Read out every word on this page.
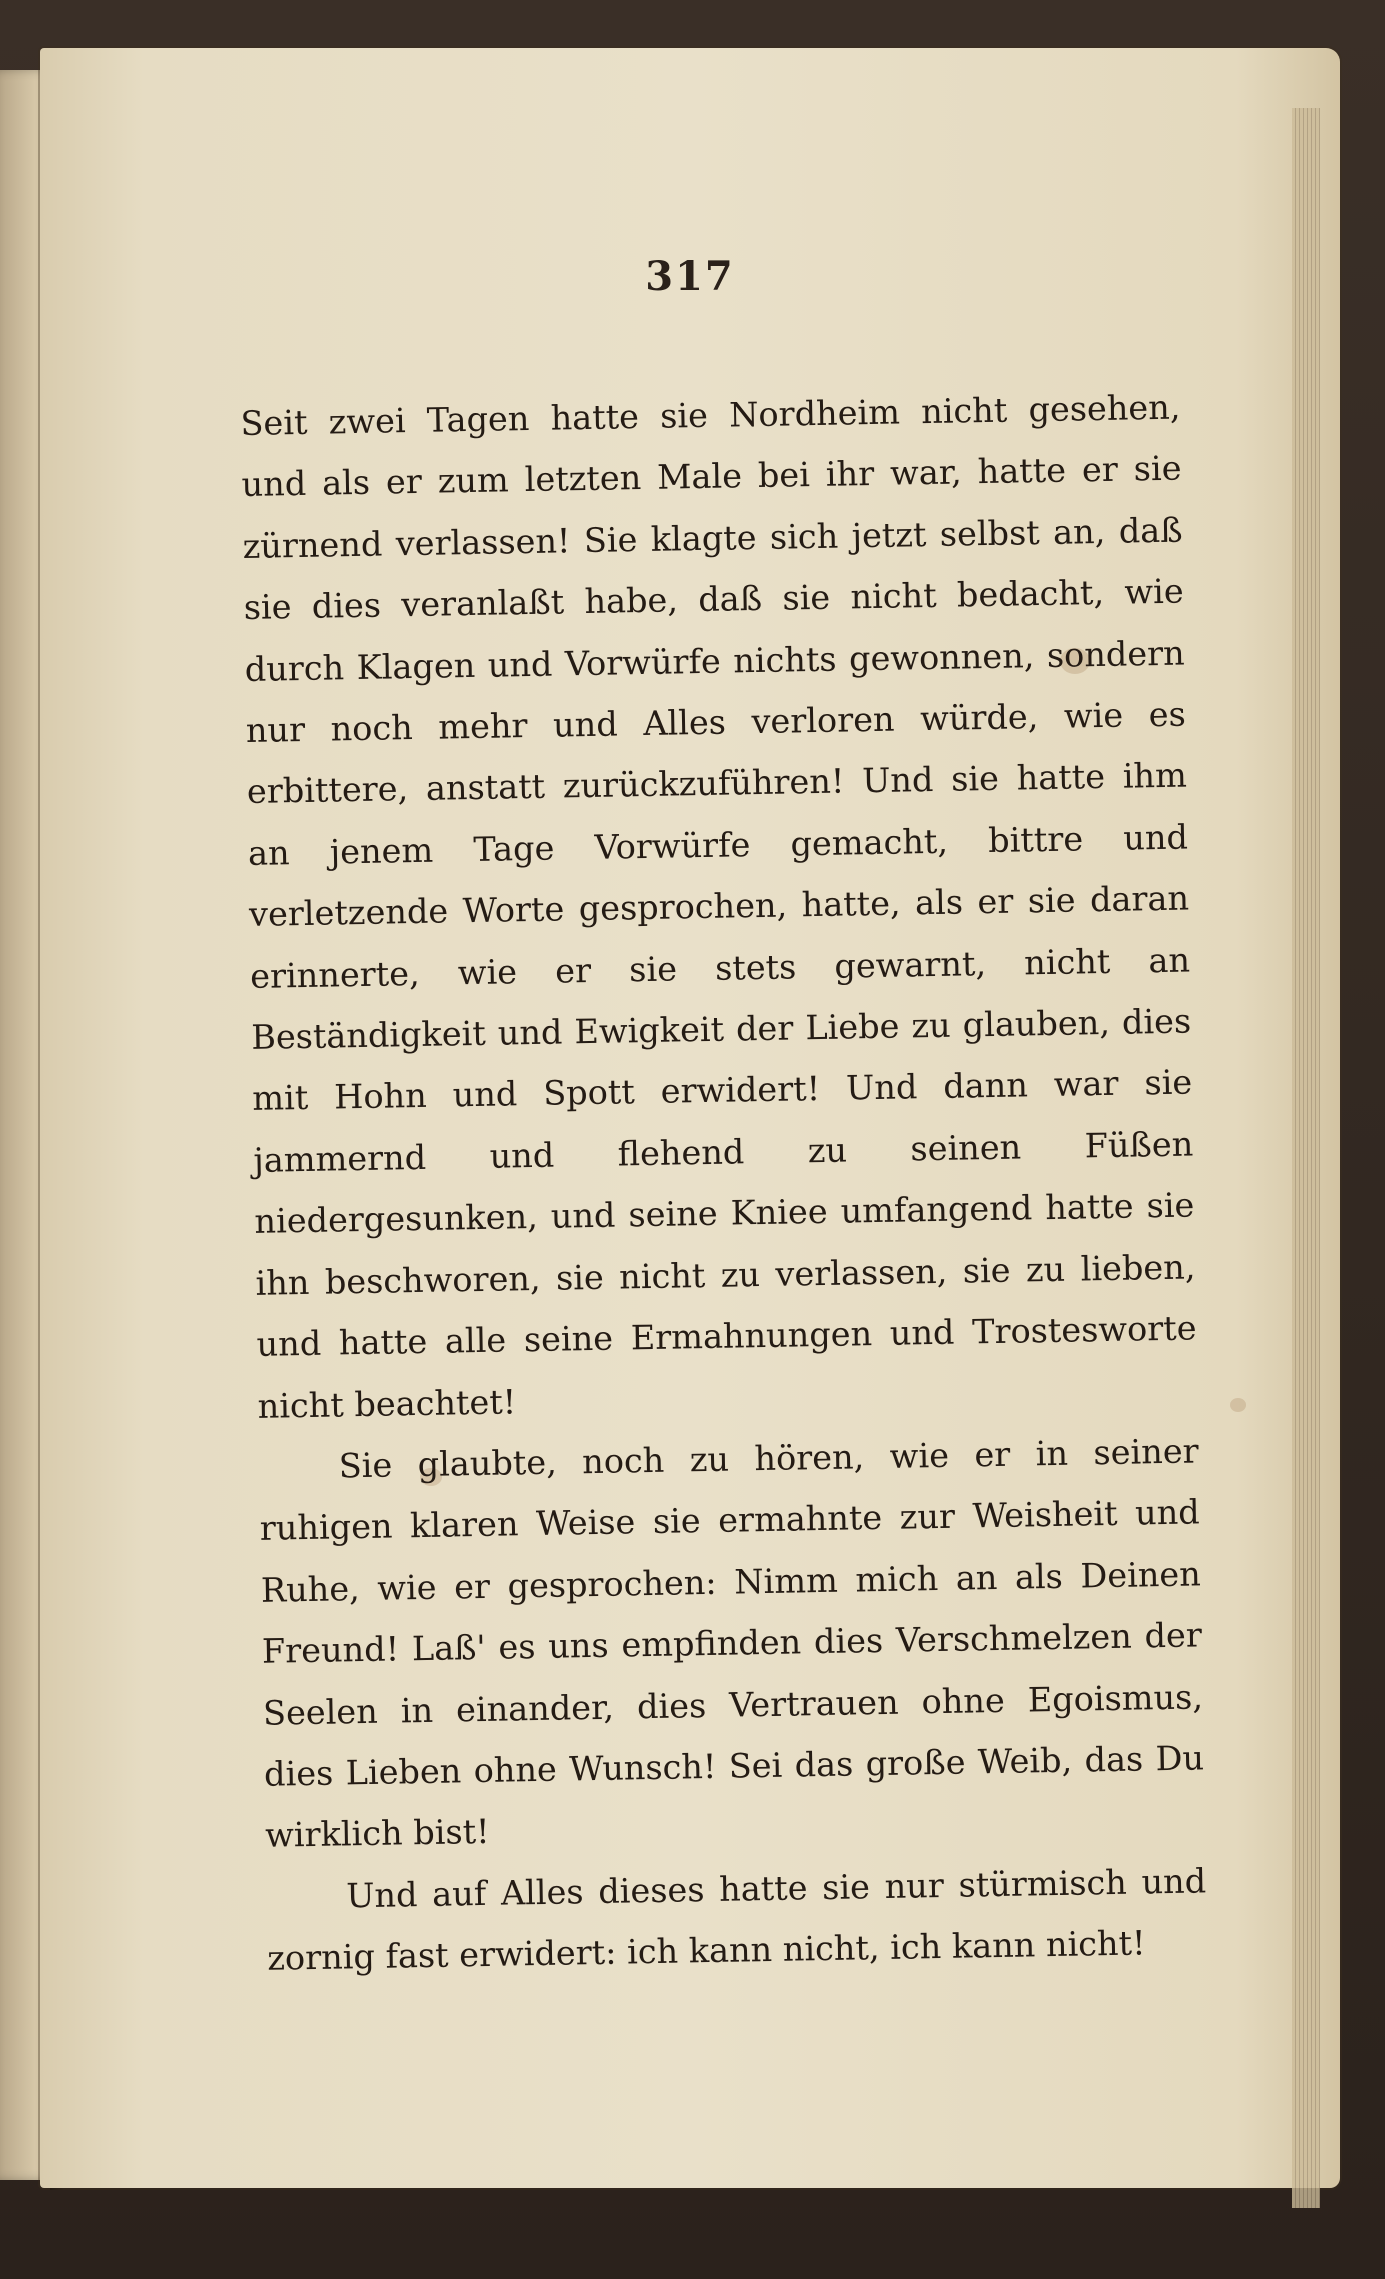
317

Seit zwei Tagen hatte sie Nordheim nicht gesehen, und als er zum letzten Male bei ihr war, hatte er sie zürnend verlassen! Sie klagte sich jetzt selbst an, daß sie dies veranlaßt habe, daß sie nicht bedacht, wie durch Klagen und Vorwürfe nichts gewonnen, sondern nur noch mehr und Alles verloren würde, wie es erbittere, anstatt zurückzuführen! Und sie hatte ihm an jenem Tage Vorwürfe gemacht, bittre und verletzende Worte gesprochen, hatte, als er sie daran erinnerte, wie er sie stets gewarnt, nicht an Beständigkeit und Ewigkeit der Liebe zu glauben, dies mit Hohn und Spott erwidert! Und dann war sie jammernd und flehend zu seinen Füßen niedergesunken, und seine Kniee umfangend hatte sie ihn beschworen, sie nicht zu verlassen, sie zu lieben, und hatte alle seine Ermahnungen und Trostesworte nicht beachtet!

Sie glaubte, noch zu hören, wie er in seiner ruhigen klaren Weise sie ermahnte zur Weisheit und Ruhe, wie er gesprochen: Nimm mich an als Deinen Freund! Laß' es uns empfinden dies Verschmelzen der Seelen in einander, dies Vertrauen ohne Egoismus, dies Lieben ohne Wunsch! Sei das große Weib, das Du wirklich bist!

Und auf Alles dieses hatte sie nur stürmisch und zornig fast erwidert: ich kann nicht, ich kann nicht!
